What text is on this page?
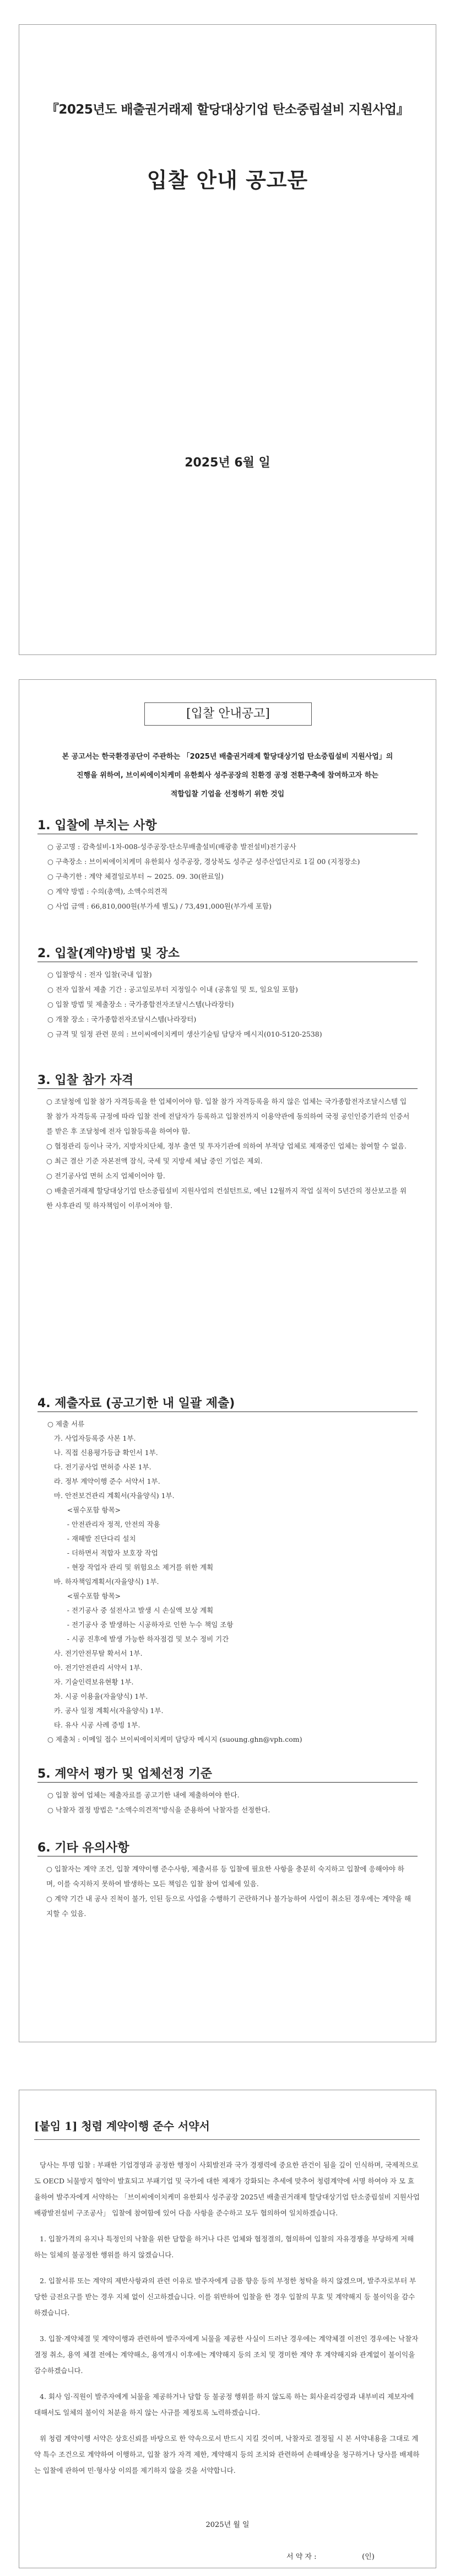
『2025년도 배출권거래제 할당대상기업 탄소중립설비 지원사업』
입찰 안내 공고문
2025년 6월 일
[입찰 안내공고]
본 공고서는 한국환경공단이 주관하는 「2025년 배출권거래제 할당대상기업 탄소중립설비 지원사업」의
진행을 위하여, 브이씨에이치케미 유한회사 성주공장의 친환경 공정 전환구축에 참여하고자 하는
적합입찰 기업을 선정하기 위한 것입
1. 입찰에 부치는 사항
○ 공고명 : 감축설비-1차-008-성주공장-탄소무배출설비(배광총 발전설비)전기공사
○ 구축장소 : 브이씨에이치케미 유한회사 성주공장, 경상북도 성주군 성주산업단지로 1길 00 (지정장소)
○ 구축기한 : 계약 체결일로부터 ~ 2025. 09. 30(완료일)
○ 계약 방법 : 수의(총액), 소액수의견적
○ 사업 금액 : 66,810,000원(부가세 별도) / 73,491,000원(부가세 포함)
2. 입찰(계약)방법 및 장소
○ 입찰방식 : 전자 입찰(국내 입찰)
○ 전자 입찰서 제출 기간 : 공고일로부터 지정일수 이내 (공휴일 및 토, 일요일 포함)
○ 입찰 방법 및 제출장소 : 국가종합전자조달시스템(나라장터)
○ 개찰 장소 : 국가종합전자조달시스템(나라장터)
○ 규격 및 일정 관련 문의 : 브이씨에이치케미 생산기술팀 담당자 메시지(010-5120-2538)
3. 입찰 참가 자격

○ 조달청에 입찰 참가 자격등록을 한 업체이어야 함. 입찰 참가 자격등록을 하지 않은 업체는 국가종합전자조달시스템 입찰 참가 자격등록 규정에 따라 입찰 전에 전담자가 등록하고 입찰전까지 이용약관에 동의하여 국정 공인인증기관의 인증서를 받은 후 조달청에 전자 입찰등록을 하여야 함.

○ 협정관리 등이나 국가, 지방자치단체, 정부 출연 및 투자기관에 의하여 부적당 업체로 제재중인 업체는 참여할 수 없음.

○ 최근 결산 기준 자본전액 잠식, 국세 및 지방세 체납 중인 기업은 제외.

○ 전기공사업 면허 소지 업체이어야 함.

○ 배출권거래제 할당대상기업 탄소중립설비 지원사업의 컨설턴트로, 예닌 12월까지 작업 실적이 5년간의 정산보고를 위한 사후관리 및 하자책임이 이루어져야 함.

4. 제출자료 (공고기한 내 일괄 제출)
○ 제출 서류
가. 사업자등록증 사본 1부.
나. 직접 신용평가등급 확인서 1부.
다. 전기공사업 면허증 사본 1부.
라. 정부 계약이행 준수 서약서 1부.
마. 안전보건관리 계획서(자율양식) 1부.
<필수포함 항목>
- 안전관리자 정적, 안전의 작용
- 재해발 진단다리 설치
- 더하면서 적합자 보호장 작업
- 현장 작업자 관리 및 위험요소 제거를 위한 계획
바. 하자책임계획서(자율양식) 1부.
<필수포함 항목>
- 전기공사 중 설전사고 발생 시 손실액 보상 계획
- 전기공사 중 발생하는 시공하자로 인한 누수 책임 조항
- 시공 진후에 발생 가능한 하자점검 및 보수 정비 기간
사. 전기안전무탈 확서서 1부.
아. 전기안전관리 서약서 1부.
자. 기술인력보유현황 1부.
차. 시공 이용율(자율양식) 1부.
카. 공사 일정 계획서(자율양식) 1부.
타. 유사 시공 사례 증빙 1부.
○ 제출처 : 이메일 접수 브이씨에이치케미 담당자 메시지 (suoung.ghn@vph.com)
5. 계약서 평가 및 업체선정 기준
○ 입찰 참여 업체는 제출자료를 공고기한 내에 제출하여야 한다.
○ 낙찰자 결정 방법은 "소액수의견적"방식을 준용하여 낙찰자를 선정한다.
6. 기타 유의사항

○ 입찰자는 계약 조건, 입찰 계약이행 준수사항, 제출서류 등 입찰에 필요한 사항을 충분히 숙지하고 입찰에 응해야야 하며, 이를 숙지하지 못하여 발생하는 모든 책임은 입찰 참여 업체에 있음.

○ 계약 기간 내 공사 진척이 불가, 인된 등으로 사업을 수행하기 곤란하거나 불가능하여 사업이 취소된 경우에는 계약을 해지할 수 있음.

[붙임 1] 청렴 계약이행 준수 서약서

당사는 투명 입찰 : 부패한 기업경영과 공정한 행정이 사회발전과 국가 경쟁력에 중요한 관건이 됨을 깊이 인식하며, 국제적으로도 OECD 뇌물방지 협약이 발효되고 부패기업 및 국가에 대한 제재가 강화되는 추세에 맞추어 청렴계약에 서명 하여야 자 모 효율하여 발주자에게 서약하는 「브이씨에이치케미 유한회사 성주공장 2025년 배출권거래제 할당대상기업 탄소중립설비 지원사업 배광발전설비 구조공사」 입찰에 참여함에 있어 다음 사항을 준수하고 모두 협의하여 일치하겠습니다.

1. 입찰가격의 유지나 특정인의 낙찰을 위한 담합을 하거나 다른 업체와 협정결의, 협의하여 입찰의 자유경쟁을 부당하게 저해하는 일체의 불공정한 행위를 하지 않겠습니다.

2. 입찰서류 또는 계약의 제반사항과의 관련 이유로 발주자에게 금품 향응 등의 부정한 청탁을 하지 않겠으며, 발주자로부터 부당한 금전요구를 받는 경우 지체 없이 신고하겠습니다. 이를 위반하여 입찰을 한 경우 입찰의 무효 및 계약해지 등 불이익을 감수하겠습니다.

3. 입찰·계약체결 및 계약이행과 관련하여 발주자에게 뇌물을 제공한 사실이 드러난 경우에는 계약체결 이전인 경우에는 낙찰자 결정 취소, 용역 체결 전에는 계약해소, 용역개시 이후에는 계약해지 등의 조치 및 경미한 계약 후 계약해지와 관계없이 불이익을 감수하겠습니다.

4. 회사 임·직원이 발주자에게 뇌물을 제공하거나 담합 등 불공정 행위를 하지 않도록 하는 회사윤리강령과 내부비리 제보자에 대해서도 일체의 불이익 처분을 하지 않는 사규를 제정토록 노력하겠습니다.

위 청렴 계약이행 서약은 상호신뢰를 바탕으로 한 약속으로서 반드시 지킬 것이며, 낙찰자로 결정될 시 본 서약내용을 그대로 계약 특수 조건으로 계약하여 이행하고, 입찰 참가 자격 제한, 계약해지 등의 조치와 관련하여 손해배상을 청구하거나 당사를 배제하는 입찰에 관하여 민·형사상 이의를 제기하지 않을 것을 서약합니다.

2025년 월 일
서 약 자 :                    (인)
